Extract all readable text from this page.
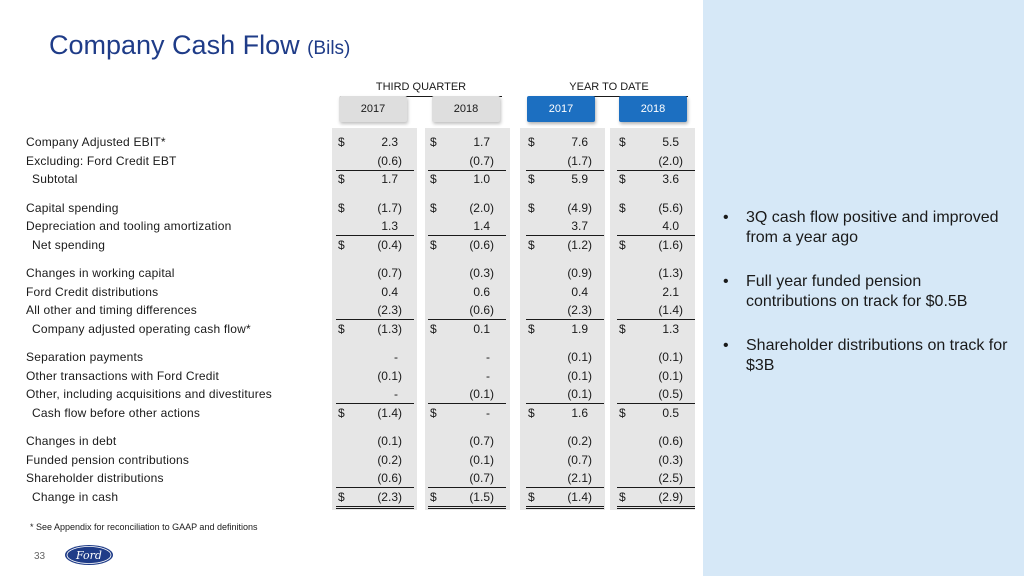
Company Cash Flow (Bils)
THIRD QUARTER	YEAR TO DATE
2017	2018	2017	2018
Company Adjusted EBIT*	$	2.3	$	1.7	$	7.6	$	5.5
Excluding: Ford Credit EBT	(0.6)	(0.7)	(1.7)	(2.0)
Subtotal	$	1.7	$	1.0	$	5.9	$	3.6
Capital spending	$	(1.7) $	(2.0)	$	(4.9) $	(5.6)
Depreciation and tooling amortization	1.3	1.4	3.7	4.0
Net spending	$	(0.4) $	(0.6)	$	(1.2) $	(1.6)
Changes in working capital	(0.7)	(0.3)	(0.9)	(1.3)
Ford Credit distributions	0.4	0.6	0.4	2.1
All other and timing differences	(2.3)	(0.6)	(2.3)	(1.4)
Company adjusted operating cash flow*	$	(1.3) $	0.1	$	1.9	$	1.3
Separation payments	-	-	(0.1)	(0.1)
Other transactions with Ford Credit	(0.1)	-	(0.1)	(0.1)
Other, including acquisitions and divestitures	-	(0.1)	(0.1)	(0.5)
Cash flow before other actions	$	(1.4) $	-	$	1.6	$	0.5
Changes in debt	(0.1)	(0.7)	(0.2)	(0.6)
Funded pension contributions	(0.2)	(0.1)	(0.7)	(0.3)
Shareholder distributions	(0.6)	(0.7)	(2.1)	(2.5)
Change in cash	$	(2.3) $	(1.5)	$	(1.4) $	(2.9)
• 3Q cash flow positive and improved from a year ago
• Full year funded pension contributions on track for $0.5B
• Shareholder distributions on track for $3B
* See Appendix for reconciliation to GAAP and definitions
33	Ford
